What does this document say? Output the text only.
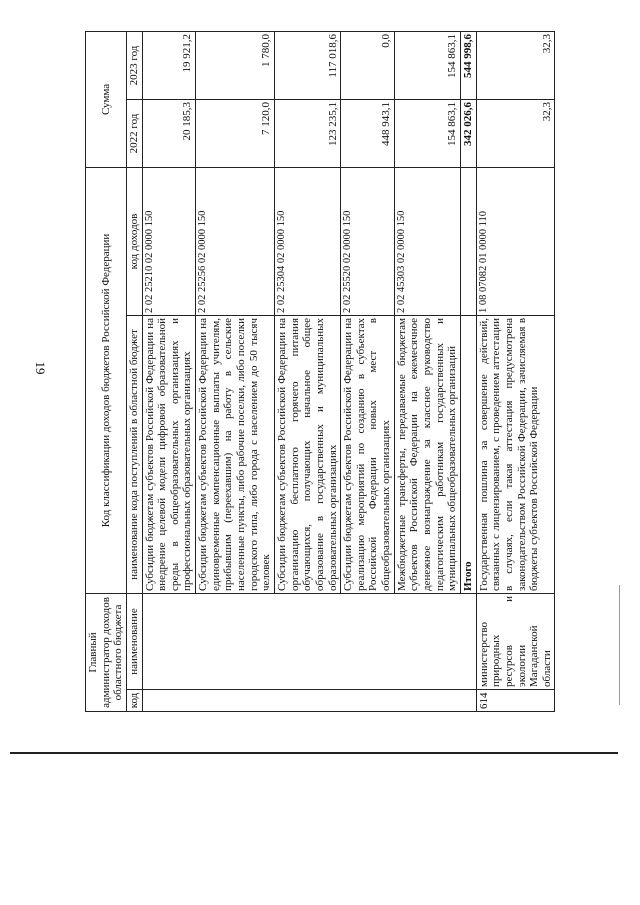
19
Главный администратор доходов областного бюджета		Код классификации доходов бюджетов Российской Федерации		Сумма	
код	наименование	наименование кода поступлений в областной бюджет	код доходов	2022 год	2023 год
		Субсидии бюджетам субъектов Российской Федерации на внедрение целевой модели цифровой образовательной среды в общеобразовательных организациях и профессиональных образовательных организациях	2 02 25210 02 0000 150	20 185,3	19 921,2
		Субсидии бюджетам субъектов Российской Федерации на единовременные компенсационные выплаты учителям, прибывшим (переехавшим) на работу в сельские населенные пункты, либо рабочие поселки, либо поселки городского типа, либо города с населением до 50 тысяч человек	2 02 25256 02 0000 150	7 120,0	1 780,0
		Субсидии бюджетам субъектов Российской Федерации на организацию бесплатного горячего питания обучающихся, получающих начальное общее образование в государственных и муниципальных образовательных организациях	2 02 25304 02 0000 150	123 235,1	117 018,6
		Субсидии бюджетам субъектов Российской Федерации на реализацию мероприятий по созданию в субъектах Российской Федерации новых мест в общеобразовательных организациях	2 02 25520 02 0000 150	448 943,1	0,0
		Межбюджетные трансферты, передаваемые бюджетам субъектов Российской Федерации на ежемесячное денежное вознаграждение за классное руководство педагогическим работникам государственных и муниципальных общеобразовательных организаций	2 02 45303 02 0000 150	154 863,1	154 863,1
		Итого		342 026,6	544 998,6
614	министерство природных ресурсов и экологии Магаданской области	Государственная пошлина за совершение действий, связанных с лицензированием, с проведением аттестации в случаях, если такая аттестация предусмотрена законодательством Российской Федерации, зачисляемая в бюджеты субъектов Российской Федерации	1 08 07082 01 0000 110	32,3	32,3
